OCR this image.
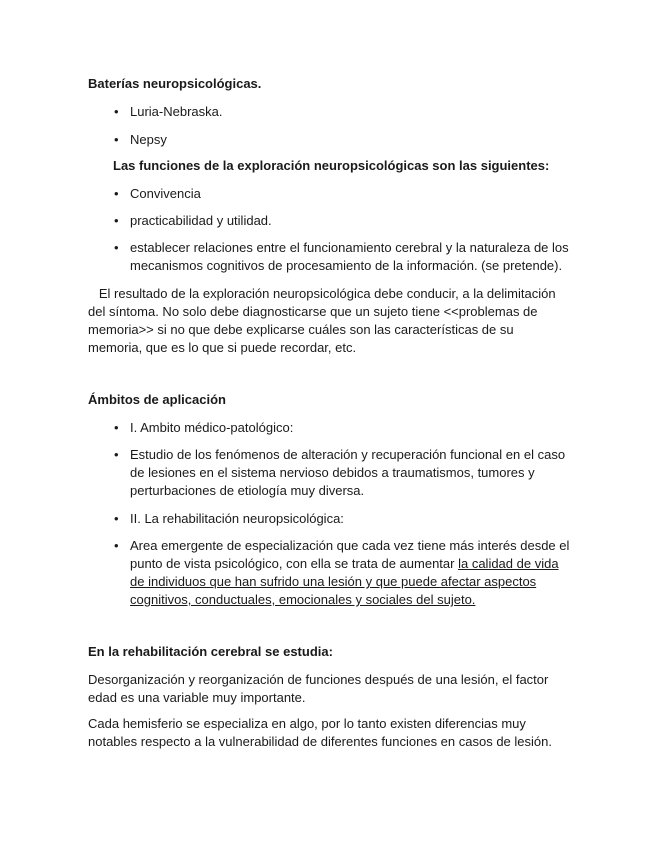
Baterías neuropsicológicas.
• Luria-Nebraska.
• Nepsy
Las funciones de la exploración neuropsicológicas son las siguientes:
• Convivencia
• practicabilidad y utilidad.
• establecer relaciones entre el funcionamiento cerebral y la naturaleza de los
mecanismos cognitivos de procesamiento de la información. (se pretende).
El resultado de la exploración neuropsicológica debe conducir, a la delimitación
del síntoma. No solo debe diagnosticarse que un sujeto tiene <<problemas de
memoria>> si no que debe explicarse cuáles son las características de su
memoria, que es lo que si puede recordar, etc.
Ámbitos de aplicación
• I. Ambito médico-patológico:
• Estudio de los fenómenos de alteración y recuperación funcional en el caso
de lesiones en el sistema nervioso debidos a traumatismos, tumores y
perturbaciones de etiología muy diversa.
• II. La rehabilitación neuropsicológica:
• Area emergente de especialización que cada vez tiene más interés desde el
punto de vista psicológico, con ella se trata de aumentar la calidad de vida
de individuos que han sufrido una lesión y que puede afectar aspectos
cognitivos, conductuales, emocionales y sociales del sujeto.
En la rehabilitación cerebral se estudia:
Desorganización y reorganización de funciones después de una lesión, el factor
edad es una variable muy importante.
Cada hemisferio se especializa en algo, por lo tanto existen diferencias muy
notables respecto a la vulnerabilidad de diferentes funciones en casos de lesión.
